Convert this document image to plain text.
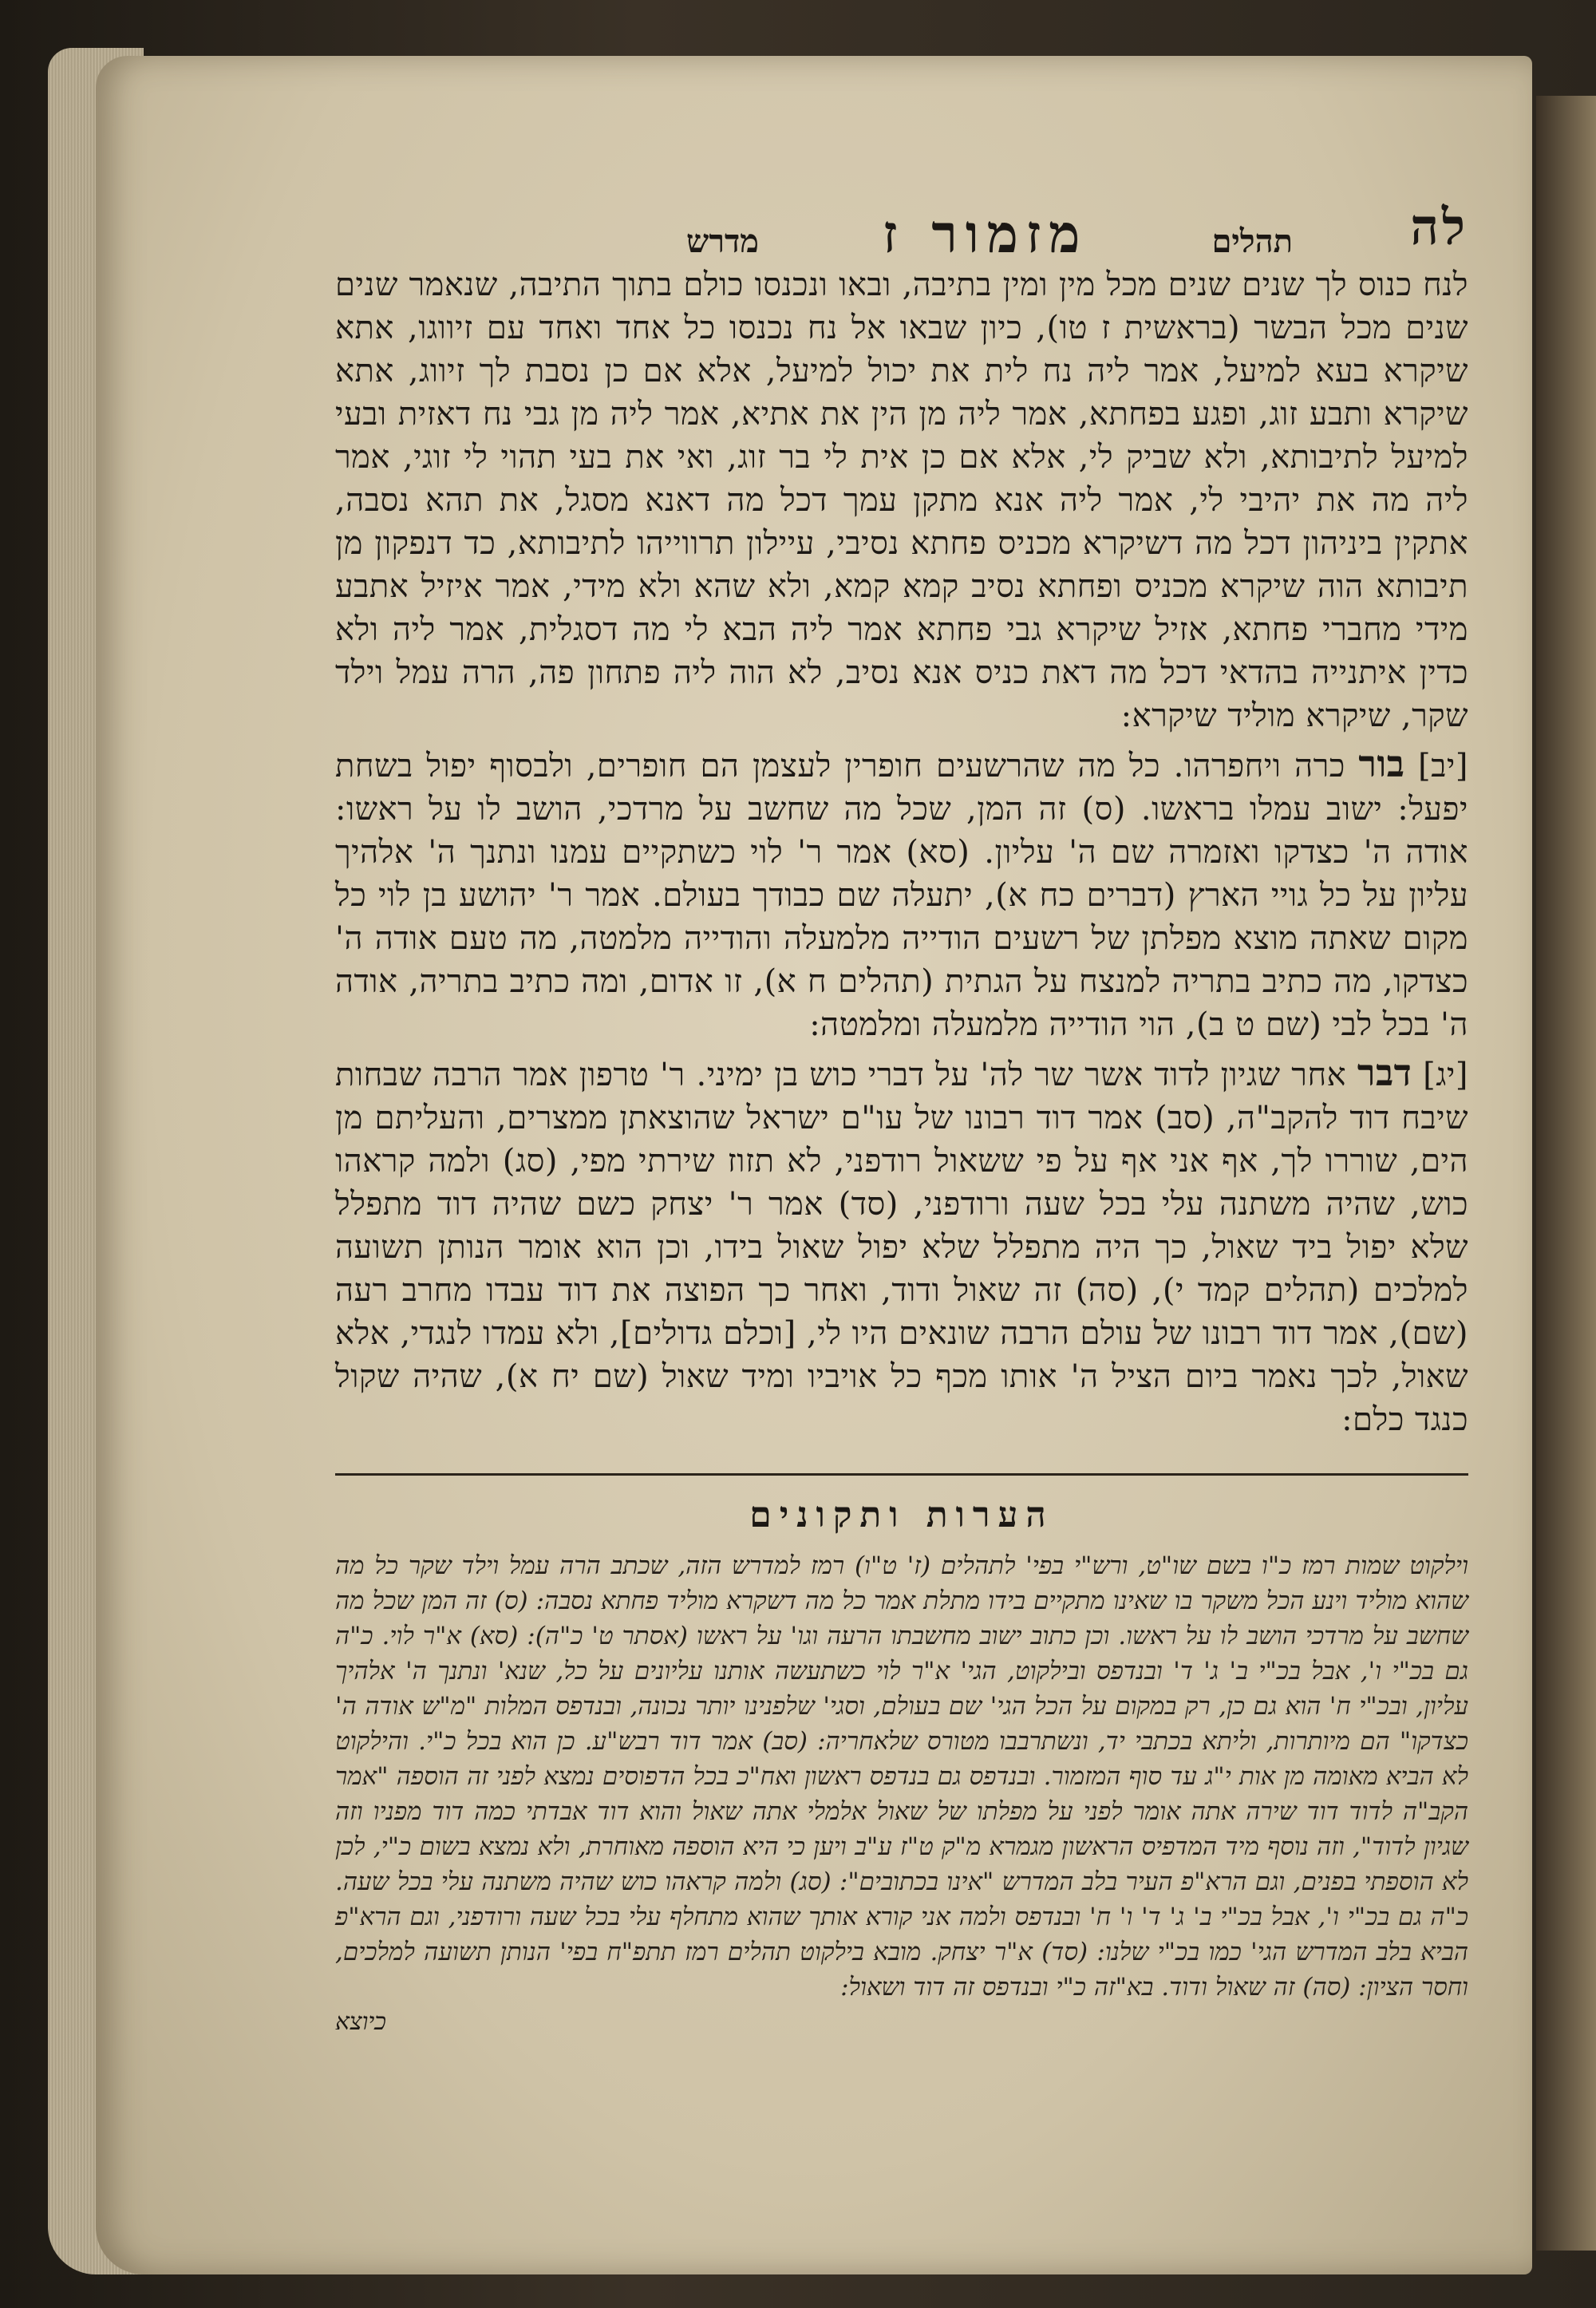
לה
תהלים
מזמור ז
מדרש

לנח כנוס לך שנים שנים מכל מין ומין בתיבה, ובאו ונכנסו כולם בתוך התיבה, שנאמר שנים שנים מכל הבשר (בראשית ז טו), כיון שבאו אל נח נכנסו כל אחד ואחד עם זיווגו, אתא שיקרא בעא למיעל, אמר ליה נח לית את יכול למיעל, אלא אם כן נסבת לך זיווג, אתא שיקרא ותבע זוג, ופגע בפחתא, אמר ליה מן הין את אתיא, אמר ליה מן גבי נח דאזית ובעי למיעל לתיבותא, ולא שביק לי, אלא אם כן אית לי בר זוג, ואי את בעי תהוי לי זוגי, אמר ליה מה את יהיבי לי, אמר ליה אנא מתקן עמך דכל מה דאנא מסגל, את תהא נסבה, אתקין ביניהון דכל מה דשיקרא מכניס פחתא נסיבי, עיילון תרווייהו לתיבותא, כד דנפקון מן תיבותא הוה שיקרא מכניס ופחתא נסיב קמא קמא, ולא שהא ולא מידי, אמר איזיל אתבע מידי מחברי פחתא, אזיל שיקרא גבי פחתא אמר ליה הבא לי מה דסגלית, אמר ליה ולא כדין איתנייה בהדאי דכל מה דאת כניס אנא נסיב, לא הוה ליה פתחון פה, הרה עמל וילד שקר, שיקרא מוליד שיקרא:

[יב] בור כרה ויחפרהו. כל מה שהרשעים חופרין לעצמן הם חופרים, ולבסוף יפול בשחת יפעל: ישוב עמלו בראשו. (ס) זה המן, שכל מה שחשב על מרדכי, הושב לו על ראשו: אודה ה' כצדקו ואזמרה שם ה' עליון. (סא) אמר ר' לוי כשתקיים עמנו ונתנך ה' אלהיך עליון על כל גויי הארץ (דברים כח א), יתעלה שם כבודך בעולם. אמר ר' יהושע בן לוי כל מקום שאתה מוצא מפלתן של רשעים הודייה מלמעלה והודייה מלמטה, מה טעם אודה ה' כצדקו, מה כתיב בתריה למנצח על הגתית (תהלים ח א), זו אדום, ומה כתיב בתריה, אודה ה' בכל לבי (שם ט ב), הוי הודייה מלמעלה ומלמטה:

[יג] דבר אחר שגיון לדוד אשר שר לה' על דברי כוש בן ימיני. ר' טרפון אמר הרבה שבחות שיבח דוד להקב"ה, (סב) אמר דוד רבונו של עו"ם ישראל שהוצאתן ממצרים, והעליתם מן הים, שוררו לך, אף אני אף על פי ששאול רודפני, לא תזוז שירתי מפי, (סג) ולמה קראהו כוש, שהיה משתנה עלי בכל שעה ורודפני, (סד) אמר ר' יצחק כשם שהיה דוד מתפלל שלא יפול ביד שאול, כך היה מתפלל שלא יפול שאול בידו, וכן הוא אומר הנותן תשועה למלכים (תהלים קמד י), (סה) זה שאול ודוד, ואחר כך הפוצה את דוד עבדו מחרב רעה (שם), אמר דוד רבונו של עולם הרבה שונאים היו לי, [וכלם גדולים], ולא עמדו לנגדי, אלא שאול, לכך נאמר ביום הציל ה' אותו מכף כל אויביו ומיד שאול (שם יח א), שהיה שקול כנגד כלם:

הערות ותקונים
וילקוט שמות רמז כ"ו בשם שו"ט, ורש"י בפי' לתהלים (ז' ט"ו) רמז למדרש הזה, שכתב הרה עמל וילד שקר כל מה שהוא מוליד וינע הכל משקר בו שאינו מתקיים בידו מתלת אמר כל מה דשקרא מוליד פחתא נסבה: (ס) זה המן שכל מה שחשב על מרדכי הושב לו על ראשו. וכן כתוב ישוב מחשבתו הרעה וגו' על ראשו (אסתר ט' כ"ה): (סא) א"ר לוי. כ"ה גם בכ"י ו', אבל בכ"י ב' ג' ד' ובנדפס ובילקוט, הגי' א"ר לוי כשתעשה אותנו עליונים על כל, שנא' ונתנך ה' אלהיך עליון, ובכ"י ח' הוא גם כן, רק במקום על הכל הגי' שם בעולם, וסגי' שלפנינו יותר נכונה, ובנדפס המלות "מ"ש אודה ה' כצדקו" הם מיותרות, וליתא בכתבי יד, ונשתרבבו מטורס שלאחריה: (סב) אמר דוד רבש"ע. כן הוא בכל כ"י. והילקוט לא הביא מאומה מן אות י"ג עד סוף המזמור. ובנדפס גם בנדפס ראשון ואח"כ בכל הדפוסים נמצא לפני זה הוספה "אמר הקב"ה לדוד דוד שירה אתה אומר לפני על מפלתו של שאול אלמלי אתה שאול והוא דוד אבדתי כמה דוד מפניו וזה שגיון לדוד", וזה נוסף מיד המדפיס הראשון מגמרא מ"ק ט"ז ע"ב ויען כי היא הוספה מאוחרת, ולא נמצא בשום כ"י, לכן לא הוספתי בפנים, וגם הרא"פ העיר בלב המדרש "אינו בכתובים": (סג) ולמה קראהו כוש שהיה משתנה עלי בכל שעה. כ"ה גם בכ"י ו', אבל בכ"י ב' ג' ד' ו' ח' ובנדפס ולמה אני קורא אותך שהוא מתחלף עלי בכל שעה ורודפני, וגם הרא"פ הביא בלב המדרש הגי' כמו בכ"י שלנו: (סד) א"ר יצחק. מובא בילקוט תהלים רמז תתפ"ח בפי' הנותן תשועה למלכים, וחסר הציון: (סה) זה שאול ודוד. בא"זה כ"י ובנדפס זה דוד ושאול:
כיוצא
